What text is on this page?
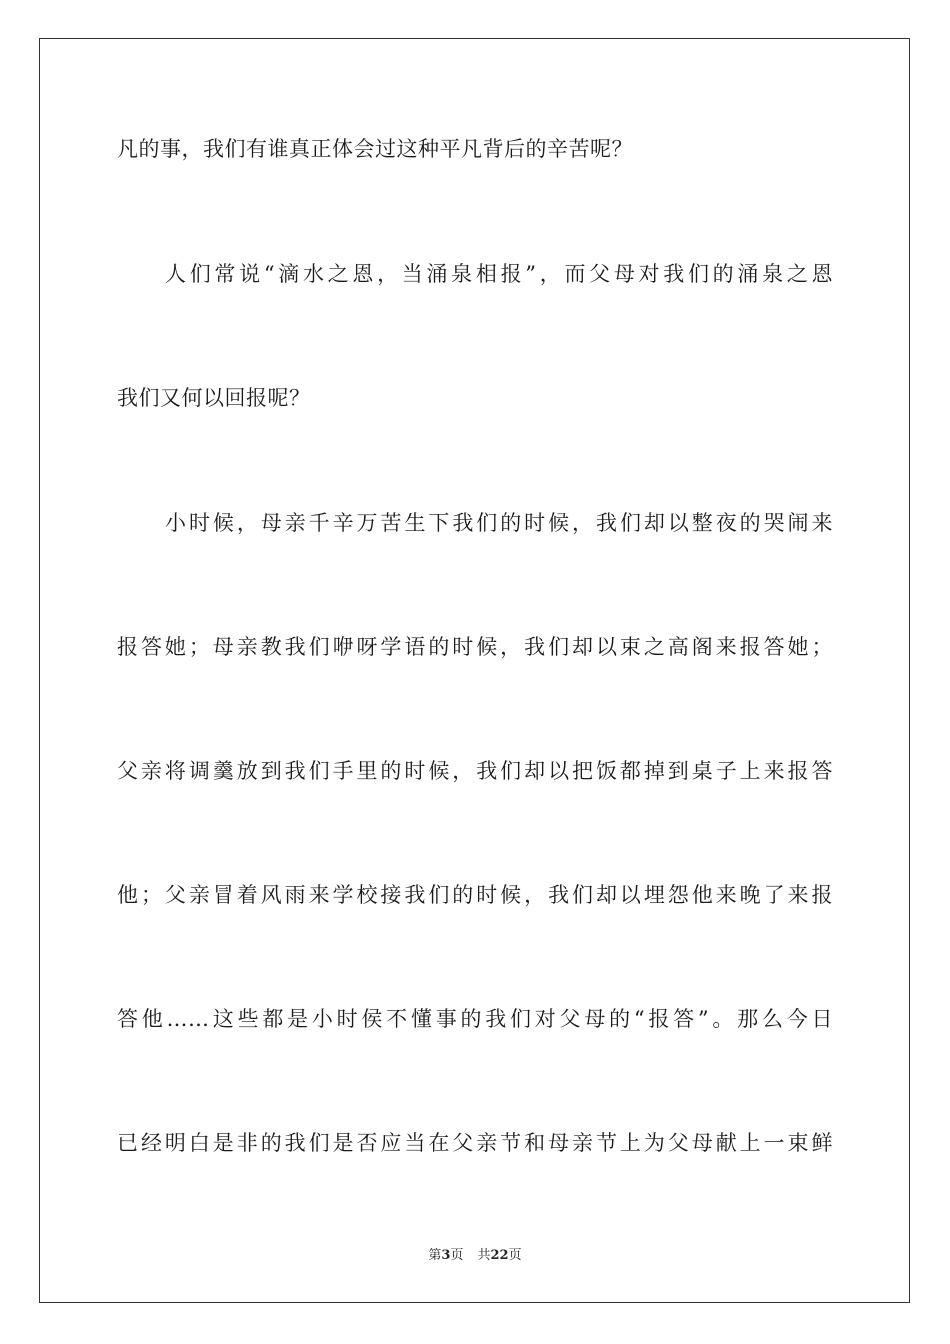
凡的事，我们有谁真正体会过这种平凡背后的辛苦呢？
人们常说“滴水之恩，当涌泉相报”，而父母对我们的涌泉之恩
我们又何以回报呢？
小时候，母亲千辛万苦生下我们的时候，我们却以整夜的哭闹来
报答她；母亲教我们咿呀学语的时候，我们却以束之高阁来报答她；
父亲将调羹放到我们手里的时候，我们却以把饭都掉到桌子上来报答
他；父亲冒着风雨来学校接我们的时候，我们却以埋怨他来晚了来报
答他……这些都是小时侯不懂事的我们对父母的“报答”。那么今日
已经明白是非的我们是否应当在父亲节和母亲节上为父母献上一束鲜
第3页 共22页
